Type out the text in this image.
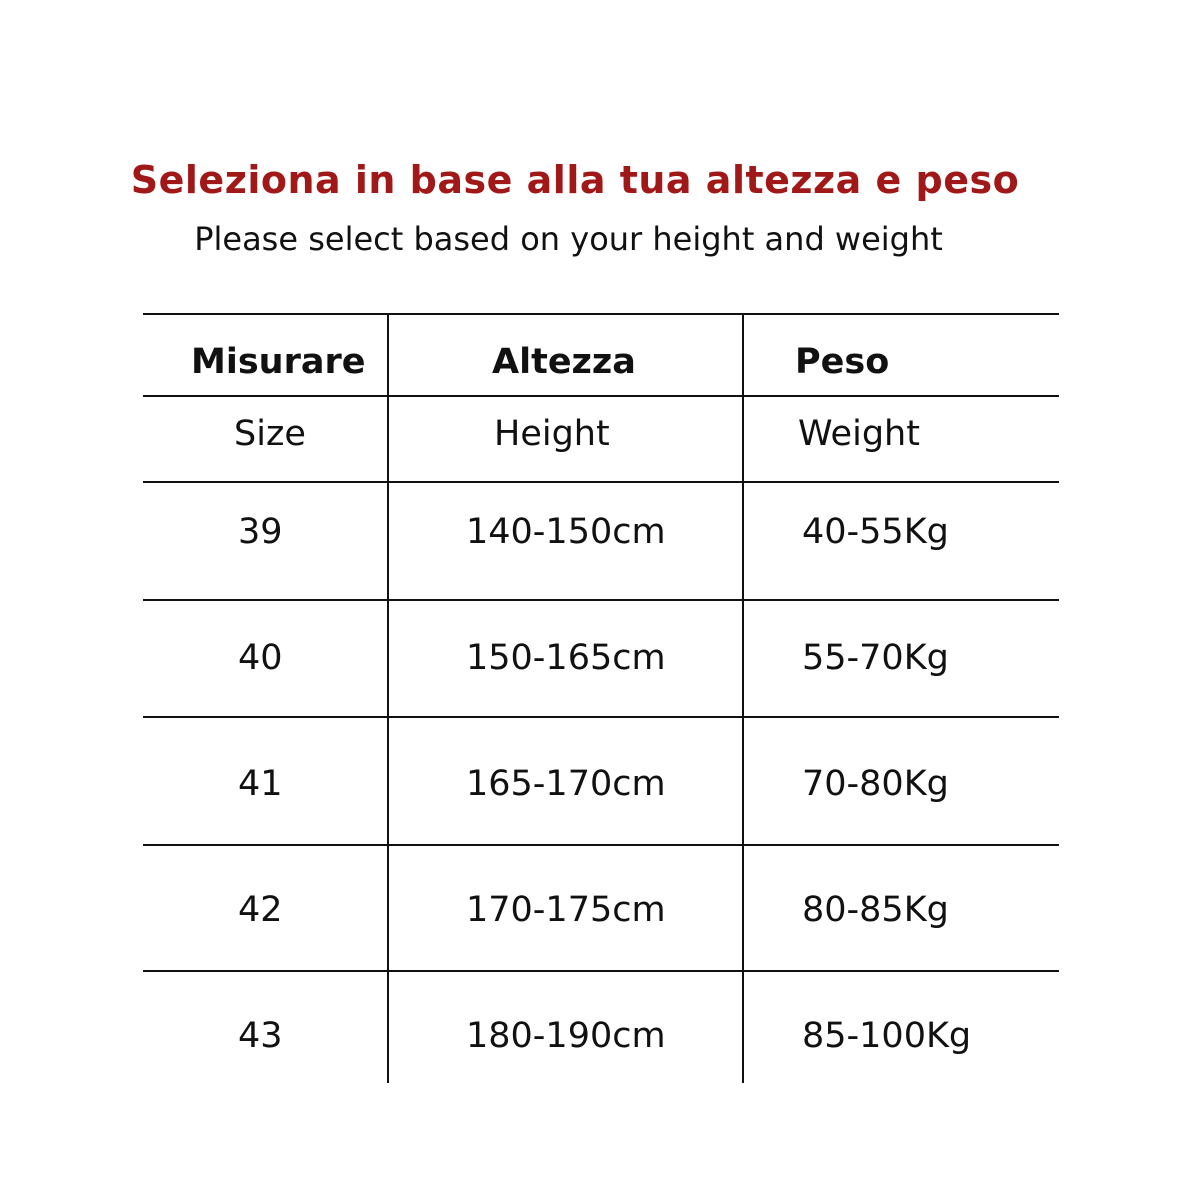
Seleziona in base alla tua altezza e peso
Please select based on your height and weight
Misurare	Altezza	Peso
Size	Height	Weight
39	140-150cm	40-55Kg
40	150-165cm	55-70Kg
41	165-170cm	70-80Kg
42	170-175cm	80-85Kg
43	180-190cm	85-100Kg
